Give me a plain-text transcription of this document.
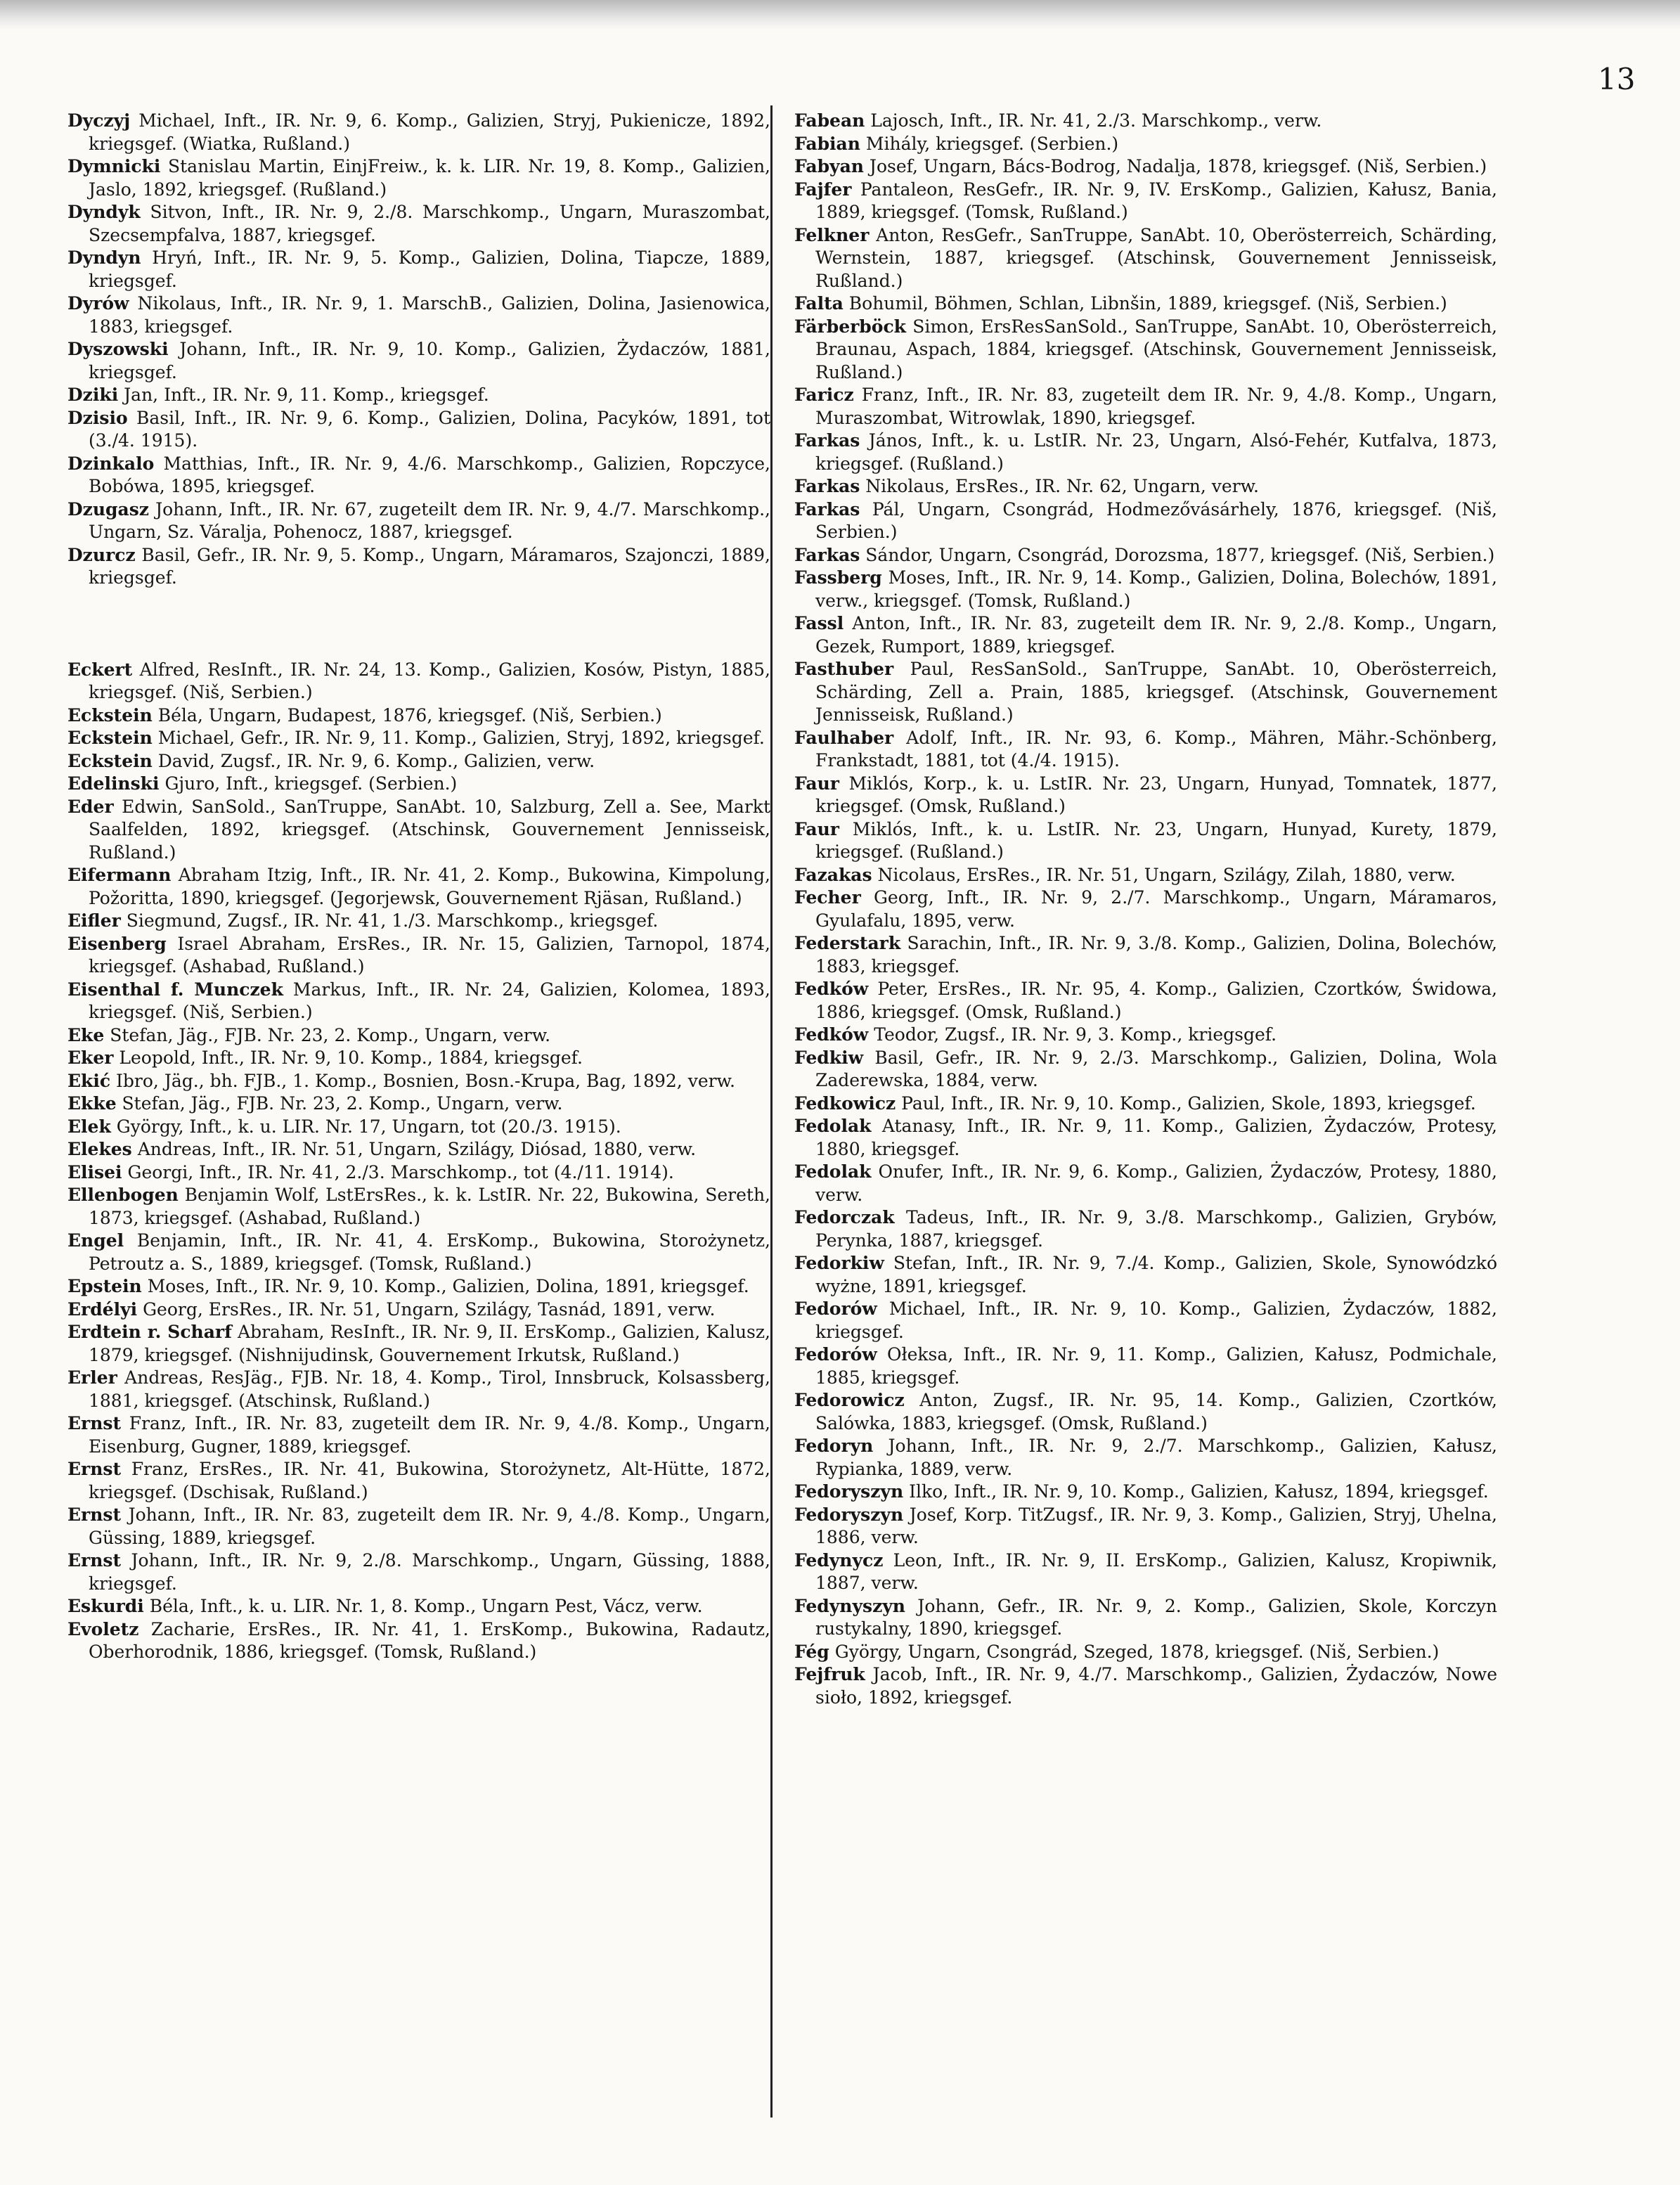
13

Dyczyj Michael, Inft., IR. Nr. 9, 6. Komp., Galizien, Stryj, Pukienicze, 1892, kriegsgef. (Wiatka, Rußland.)

Dymnicki Stanislau Martin, EinjFreiw., k. k. LIR. Nr. 19, 8. Komp., Galizien, Jaslo, 1892, kriegsgef. (Rußland.)

Dyndyk Sitvon, Inft., IR. Nr. 9, 2./8. Marschkomp., Ungarn, Muraszombat, Szecsempfalva, 1887, kriegsgef.

Dyndyn Hryń, Inft., IR. Nr. 9, 5. Komp., Galizien, Dolina, Tiapcze, 1889, kriegsgef.

Dyrów Nikolaus, Inft., IR. Nr. 9, 1. MarschB., Galizien, Dolina, Jasienowica, 1883, kriegsgef.

Dyszowski Johann, Inft., IR. Nr. 9, 10. Komp., Galizien, Żydaczów, 1881, kriegsgef.

Dziki Jan, Inft., IR. Nr. 9, 11. Komp., kriegsgef.

Dzisio Basil, Inft., IR. Nr. 9, 6. Komp., Galizien, Dolina, Pacyków, 1891, tot (3./4. 1915).

Dzinkalo Matthias, Inft., IR. Nr. 9, 4./6. Marschkomp., Galizien, Ropczyce, Bobówa, 1895, kriegsgef.

Dzugasz Johann, Inft., IR. Nr. 67, zugeteilt dem IR. Nr. 9, 4./7. Marschkomp., Ungarn, Sz. Váralja, Pohenocz, 1887, kriegsgef.

Dzurcz Basil, Gefr., IR. Nr. 9, 5. Komp., Ungarn, Máramaros, Szajonczi, 1889, kriegsgef.

Eckert Alfred, ResInft., IR. Nr. 24, 13. Komp., Galizien, Kosów, Pistyn, 1885, kriegsgef. (Niš, Serbien.)

Eckstein Béla, Ungarn, Budapest, 1876, kriegsgef. (Niš, Serbien.)

Eckstein Michael, Gefr., IR. Nr. 9, 11. Komp., Galizien, Stryj, 1892, kriegsgef.

Eckstein David, Zugsf., IR. Nr. 9, 6. Komp., Galizien, verw.

Edelinski Gjuro, Inft., kriegsgef. (Serbien.)

Eder Edwin, SanSold., SanTruppe, SanAbt. 10, Salzburg, Zell a. See, Markt Saalfelden, 1892, kriegsgef. (Atschinsk, Gouvernement Jennisseisk, Rußland.)

Eifermann Abraham Itzig, Inft., IR. Nr. 41, 2. Komp., Bukowina, Kimpolung, Požoritta, 1890, kriegsgef. (Jegorjewsk, Gouvernement Rjäsan, Rußland.)

Eifler Siegmund, Zugsf., IR. Nr. 41, 1./3. Marschkomp., kriegsgef.

Eisenberg Israel Abraham, ErsRes., IR. Nr. 15, Galizien, Tarnopol, 1874, kriegsgef. (Ashabad, Rußland.)

Eisenthal f. Munczek Markus, Inft., IR. Nr. 24, Galizien, Kolomea, 1893, kriegsgef. (Niš, Serbien.)

Eke Stefan, Jäg., FJB. Nr. 23, 2. Komp., Ungarn, verw.

Eker Leopold, Inft., IR. Nr. 9, 10. Komp., 1884, kriegsgef.

Ekić Ibro, Jäg., bh. FJB., 1. Komp., Bosnien, Bosn.-Krupa, Bag, 1892, verw.

Ekke Stefan, Jäg., FJB. Nr. 23, 2. Komp., Ungarn, verw.

Elek György, Inft., k. u. LIR. Nr. 17, Ungarn, tot (20./3. 1915).

Elekes Andreas, Inft., IR. Nr. 51, Ungarn, Szilágy, Diósad, 1880, verw.

Elisei Georgi, Inft., IR. Nr. 41, 2./3. Marschkomp., tot (4./11. 1914).

Ellenbogen Benjamin Wolf, LstErsRes., k. k. LstIR. Nr. 22, Bukowina, Sereth, 1873, kriegsgef. (Ashabad, Rußland.)

Engel Benjamin, Inft., IR. Nr. 41, 4. ErsKomp., Bukowina, Storożynetz, Petroutz a. S., 1889, kriegsgef. (Tomsk, Rußland.)

Epstein Moses, Inft., IR. Nr. 9, 10. Komp., Galizien, Dolina, 1891, kriegsgef.

Erdélyi Georg, ErsRes., IR. Nr. 51, Ungarn, Szilágy, Tasnád, 1891, verw.

Erdtein r. Scharf Abraham, ResInft., IR. Nr. 9, II. ErsKomp., Galizien, Kalusz, 1879, kriegsgef. (Nishnijudinsk, Gouvernement Irkutsk, Rußland.)

Erler Andreas, ResJäg., FJB. Nr. 18, 4. Komp., Tirol, Innsbruck, Kolsassberg, 1881, kriegsgef. (Atschinsk, Rußland.)

Ernst Franz, Inft., IR. Nr. 83, zugeteilt dem IR. Nr. 9, 4./8. Komp., Ungarn, Eisenburg, Gugner, 1889, kriegsgef.

Ernst Franz, ErsRes., IR. Nr. 41, Bukowina, Storożynetz, Alt-Hütte, 1872, kriegsgef. (Dschisak, Rußland.)

Ernst Johann, Inft., IR. Nr. 83, zugeteilt dem IR. Nr. 9, 4./8. Komp., Ungarn, Güssing, 1889, kriegsgef.

Ernst Johann, Inft., IR. Nr. 9, 2./8. Marschkomp., Ungarn, Güssing, 1888, kriegsgef.

Eskurdi Béla, Inft., k. u. LIR. Nr. 1, 8. Komp., Ungarn Pest, Vácz, verw.

Evoletz Zacharie, ErsRes., IR. Nr. 41, 1. ErsKomp., Bukowina, Radautz, Oberhorodnik, 1886, kriegsgef. (Tomsk, Rußland.)

Fabean Lajosch, Inft., IR. Nr. 41, 2./3. Marschkomp., verw.

Fabian Mihály, kriegsgef. (Serbien.)

Fabyan Josef, Ungarn, Bács-Bodrog, Nadalja, 1878, kriegsgef. (Niš, Serbien.)

Fajfer Pantaleon, ResGefr., IR. Nr. 9, IV. ErsKomp., Galizien, Kałusz, Bania, 1889, kriegsgef. (Tomsk, Rußland.)

Felkner Anton, ResGefr., SanTruppe, SanAbt. 10, Oberösterreich, Schärding, Wernstein, 1887, kriegsgef. (Atschinsk, Gouvernement Jennisseisk, Rußland.)

Falta Bohumil, Böhmen, Schlan, Libnšin, 1889, kriegsgef. (Niš, Serbien.)

Färberböck Simon, ErsResSanSold., SanTruppe, SanAbt. 10, Oberösterreich, Braunau, Aspach, 1884, kriegsgef. (Atschinsk, Gouvernement Jennisseisk, Rußland.)

Faricz Franz, Inft., IR. Nr. 83, zugeteilt dem IR. Nr. 9, 4./8. Komp., Ungarn, Muraszombat, Witrowlak, 1890, kriegsgef.

Farkas János, Inft., k. u. LstIR. Nr. 23, Ungarn, Alsó-Fehér, Kutfalva, 1873, kriegsgef. (Rußland.)

Farkas Nikolaus, ErsRes., IR. Nr. 62, Ungarn, verw.

Farkas Pál, Ungarn, Csongrád, Hodmezővásárhely, 1876, kriegsgef. (Niš, Serbien.)

Farkas Sándor, Ungarn, Csongrád, Dorozsma, 1877, kriegsgef. (Niš, Serbien.)

Fassberg Moses, Inft., IR. Nr. 9, 14. Komp., Galizien, Dolina, Bolechów, 1891, verw., kriegsgef. (Tomsk, Rußland.)

Fassl Anton, Inft., IR. Nr. 83, zugeteilt dem IR. Nr. 9, 2./8. Komp., Ungarn, Gezek, Rumport, 1889, kriegsgef.

Fasthuber Paul, ResSanSold., SanTruppe, SanAbt. 10, Oberösterreich, Schärding, Zell a. Prain, 1885, kriegsgef. (Atschinsk, Gouvernement Jennisseisk, Rußland.)

Faulhaber Adolf, Inft., IR. Nr. 93, 6. Komp., Mähren, Mähr.-Schönberg, Frankstadt, 1881, tot (4./4. 1915).

Faur Miklós, Korp., k. u. LstIR. Nr. 23, Ungarn, Hunyad, Tomnatek, 1877, kriegsgef. (Omsk, Rußland.)

Faur Miklós, Inft., k. u. LstIR. Nr. 23, Ungarn, Hunyad, Kurety, 1879, kriegsgef. (Rußland.)

Fazakas Nicolaus, ErsRes., IR. Nr. 51, Ungarn, Szilágy, Zilah, 1880, verw.

Fecher Georg, Inft., IR. Nr. 9, 2./7. Marschkomp., Ungarn, Máramaros, Gyulafalu, 1895, verw.

Federstark Sarachin, Inft., IR. Nr. 9, 3./8. Komp., Galizien, Dolina, Bolechów, 1883, kriegsgef.

Fedków Peter, ErsRes., IR. Nr. 95, 4. Komp., Galizien, Czortków, Świdowa, 1886, kriegsgef. (Omsk, Rußland.)

Fedków Teodor, Zugsf., IR. Nr. 9, 3. Komp., kriegsgef.

Fedkiw Basil, Gefr., IR. Nr. 9, 2./3. Marschkomp., Galizien, Dolina, Wola Zaderewska, 1884, verw.

Fedkowicz Paul, Inft., IR. Nr. 9, 10. Komp., Galizien, Skole, 1893, kriegsgef.

Fedolak Atanasy, Inft., IR. Nr. 9, 11. Komp., Galizien, Żydaczów, Protesy, 1880, kriegsgef.

Fedolak Onufer, Inft., IR. Nr. 9, 6. Komp., Galizien, Żydaczów, Protesy, 1880, verw.

Fedorczak Tadeus, Inft., IR. Nr. 9, 3./8. Marschkomp., Galizien, Grybów, Perynka, 1887, kriegsgef.

Fedorkiw Stefan, Inft., IR. Nr. 9, 7./4. Komp., Galizien, Skole, Synowódzkó wyżne, 1891, kriegsgef.

Fedorów Michael, Inft., IR. Nr. 9, 10. Komp., Galizien, Żydaczów, 1882, kriegsgef.

Fedorów Ołeksa, Inft., IR. Nr. 9, 11. Komp., Galizien, Kałusz, Podmichale, 1885, kriegsgef.

Fedorowicz Anton, Zugsf., IR. Nr. 95, 14. Komp., Galizien, Czortków, Salówka, 1883, kriegsgef. (Omsk, Rußland.)

Fedoryn Johann, Inft., IR. Nr. 9, 2./7. Marschkomp., Galizien, Kałusz, Rypianka, 1889, verw.

Fedoryszyn Ilko, Inft., IR. Nr. 9, 10. Komp., Galizien, Kałusz, 1894, kriegsgef.

Fedoryszyn Josef, Korp. TitZugsf., IR. Nr. 9, 3. Komp., Galizien, Stryj, Uhelna, 1886, verw.

Fedynycz Leon, Inft., IR. Nr. 9, II. ErsKomp., Galizien, Kalusz, Kropiwnik, 1887, verw.

Fedynyszyn Johann, Gefr., IR. Nr. 9, 2. Komp., Galizien, Skole, Korczyn rustykalny, 1890, kriegsgef.

Fég György, Ungarn, Csongrád, Szeged, 1878, kriegsgef. (Niš, Serbien.)

Fejfruk Jacob, Inft., IR. Nr. 9, 4./7. Marschkomp., Galizien, Żydaczów, Nowe sioło, 1892, kriegsgef.
